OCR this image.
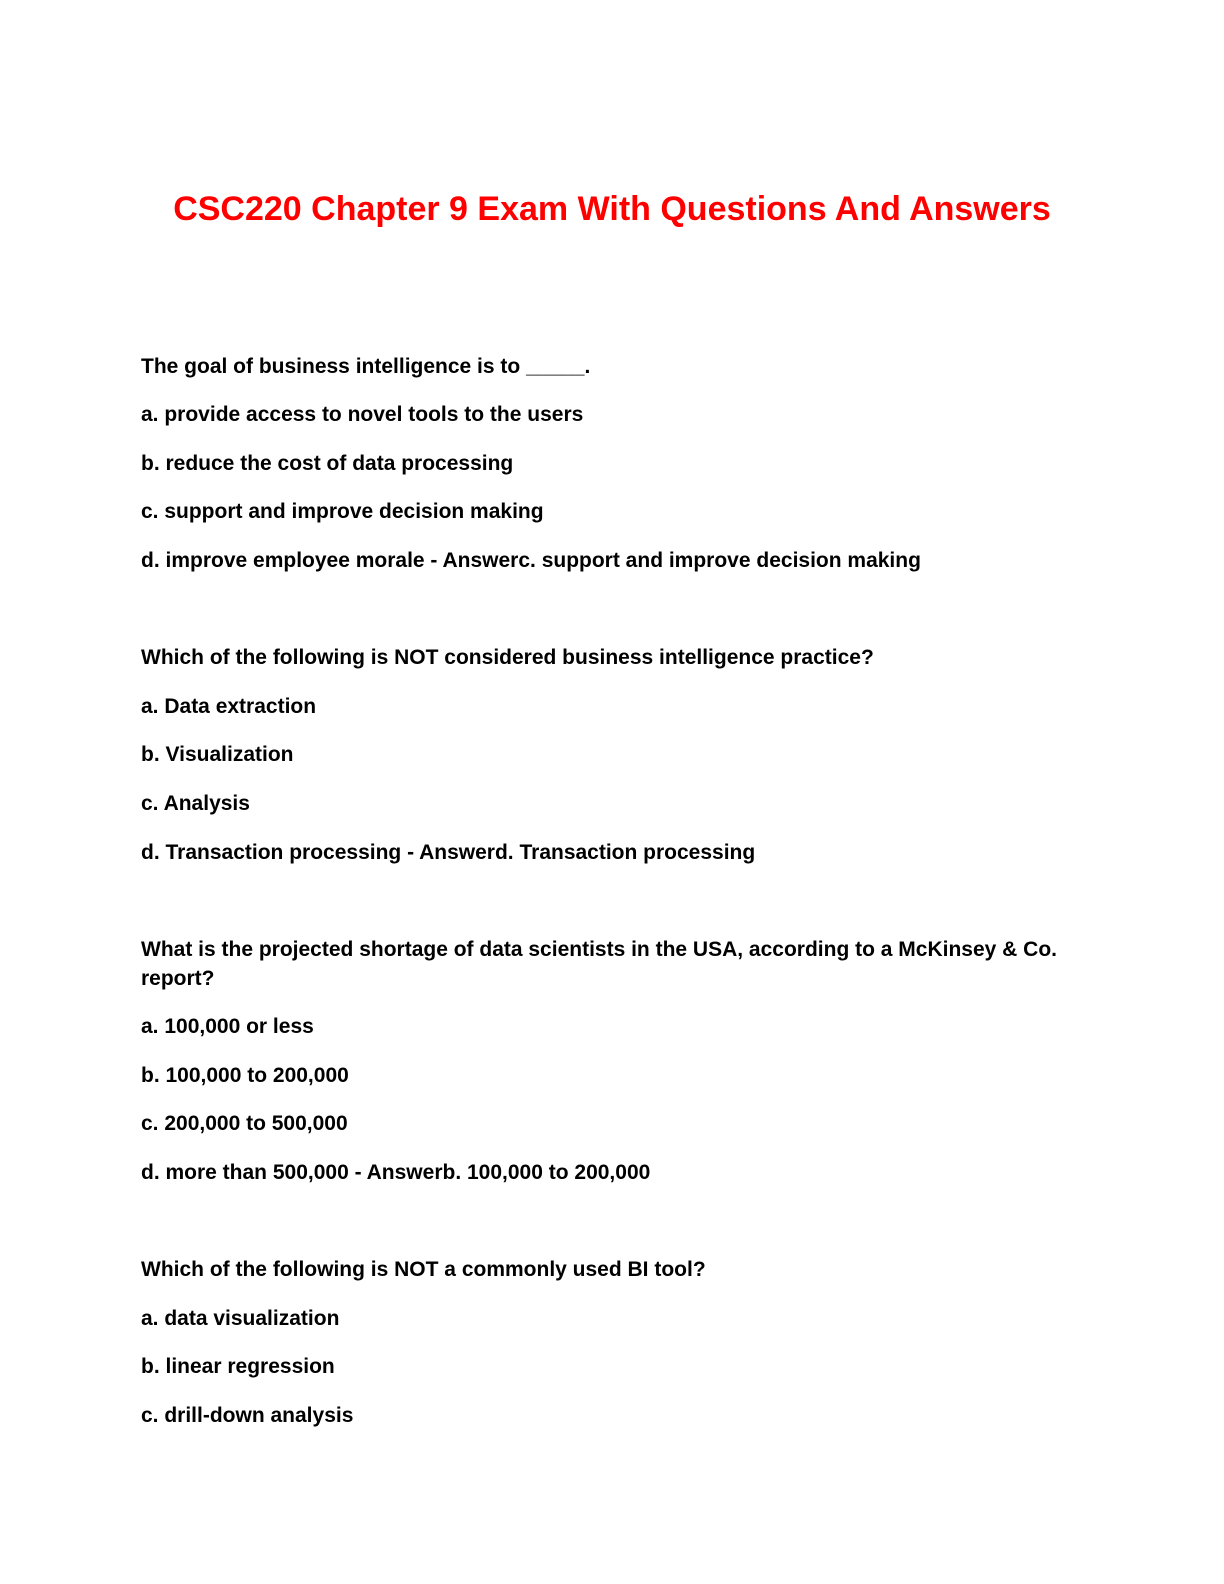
CSC220 Chapter 9 Exam With Questions And Answers
The goal of business intelligence is to _____.
a. provide access to novel tools to the users
b. reduce the cost of data processing
c. support and improve decision making
d. improve employee morale - Answerc. support and improve decision making
Which of the following is NOT considered business intelligence practice?
a. Data extraction
b. Visualization
c. Analysis
d. Transaction processing - Answerd. Transaction processing
What is the projected shortage of data scientists in the USA, according to a McKinsey & Co. report?
a. 100,000 or less
b. 100,000 to 200,000
c. 200,000 to 500,000
d. more than 500,000 - Answerb. 100,000 to 200,000
Which of the following is NOT a commonly used BI tool?
a. data visualization
b. linear regression
c. drill-down analysis
